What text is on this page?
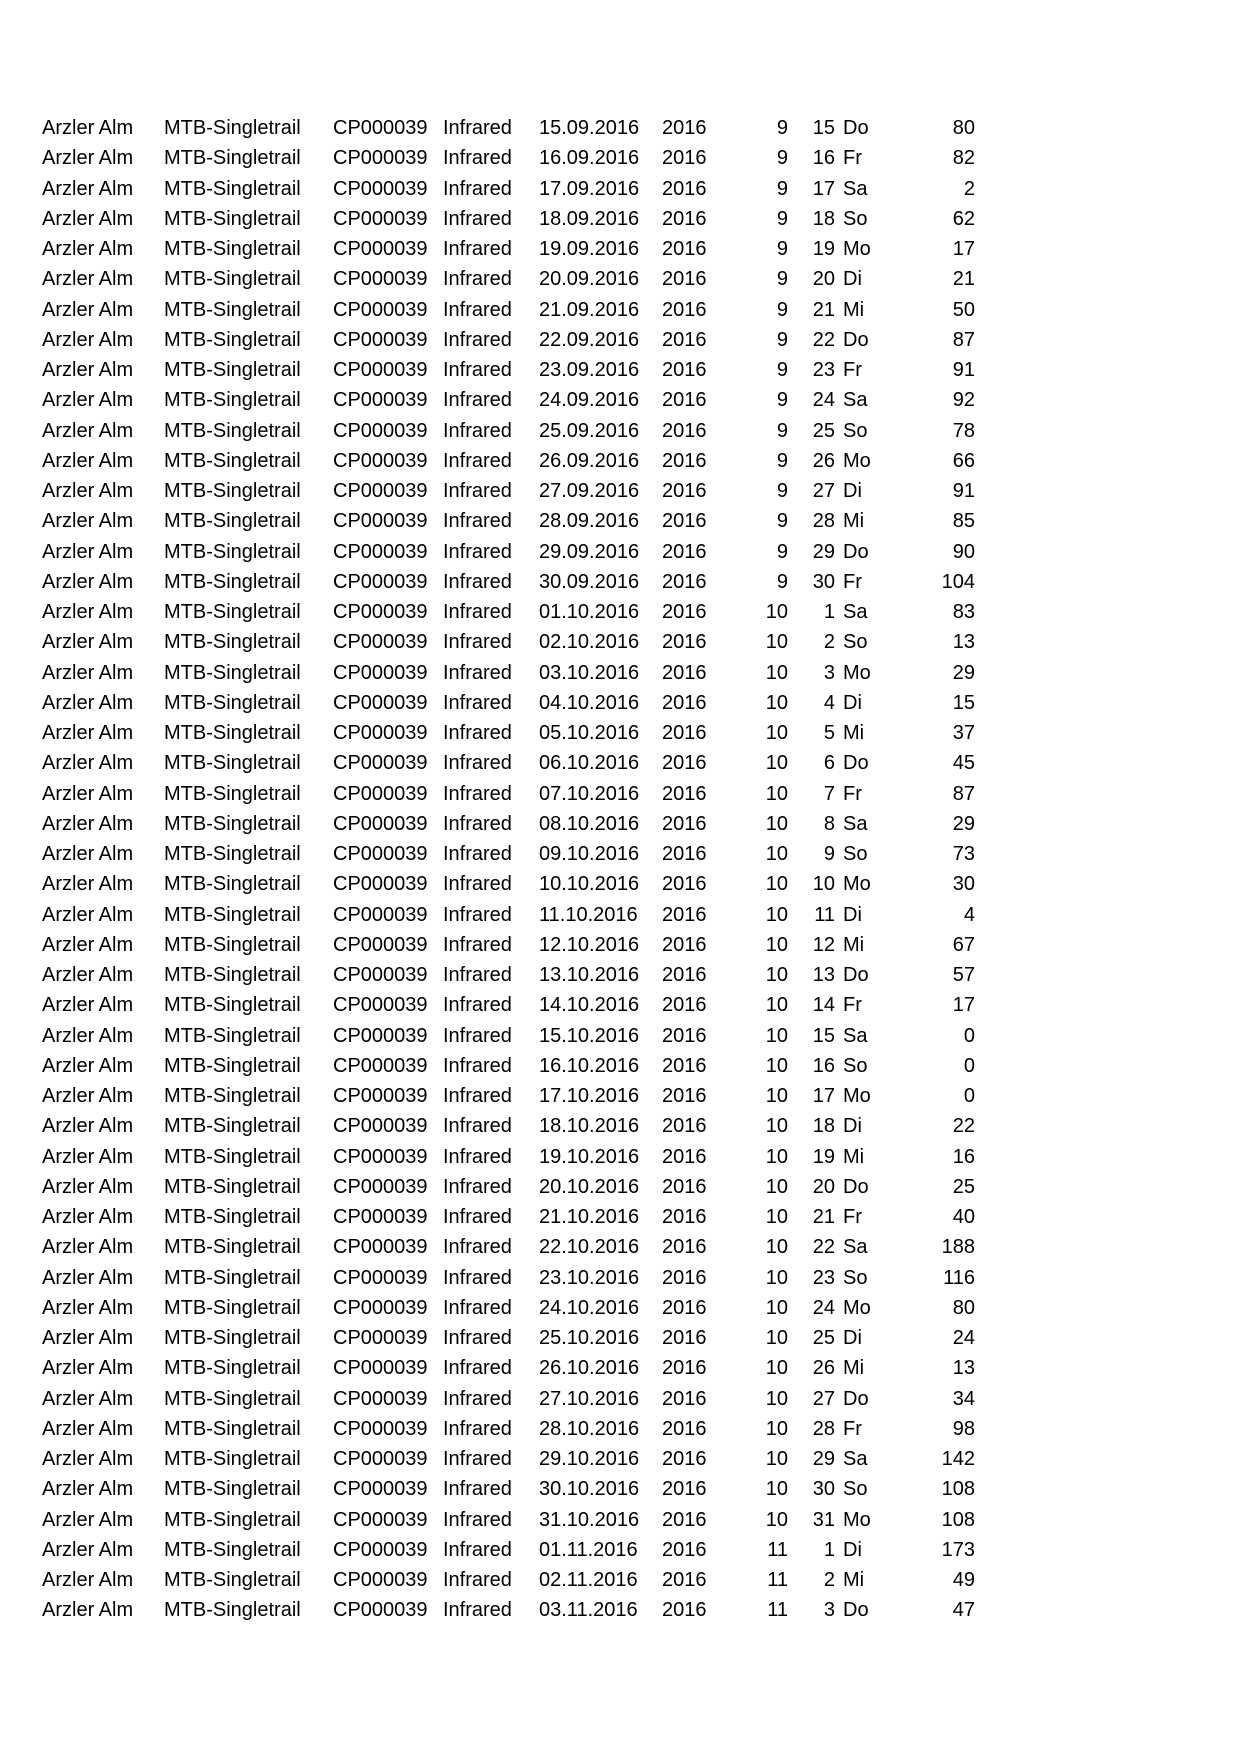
Arzler Alm MTB-Singletrail CP000039 Infrared 15.09.2016 2016	9 15 Do	80
Arzler Alm MTB-Singletrail CP000039 Infrared 16.09.2016 2016	9 16 Fr	82
Arzler Alm MTB-Singletrail CP000039 Infrared 17.09.2016 2016	9 17 Sa	2
Arzler Alm MTB-Singletrail CP000039 Infrared 18.09.2016 2016	9 18 So	62
Arzler Alm MTB-Singletrail CP000039 Infrared 19.09.2016 2016	9 19 Mo	17
Arzler Alm MTB-Singletrail CP000039 Infrared 20.09.2016 2016	9 20 Di	21
Arzler Alm MTB-Singletrail CP000039 Infrared 21.09.2016 2016	9 21 Mi	50
Arzler Alm MTB-Singletrail CP000039 Infrared 22.09.2016 2016	9 22 Do	87
Arzler Alm MTB-Singletrail CP000039 Infrared 23.09.2016 2016	9 23 Fr	91
Arzler Alm MTB-Singletrail CP000039 Infrared 24.09.2016 2016	9 24 Sa	92
Arzler Alm MTB-Singletrail CP000039 Infrared 25.09.2016 2016	9 25 So	78
Arzler Alm MTB-Singletrail CP000039 Infrared 26.09.2016 2016	9 26 Mo	66
Arzler Alm MTB-Singletrail CP000039 Infrared 27.09.2016 2016	9 27 Di	91
Arzler Alm MTB-Singletrail CP000039 Infrared 28.09.2016 2016	9 28 Mi	85
Arzler Alm MTB-Singletrail CP000039 Infrared 29.09.2016 2016	9 29 Do	90
Arzler Alm MTB-Singletrail CP000039 Infrared 30.09.2016 2016	9 30 Fr	104
Arzler Alm MTB-Singletrail CP000039 Infrared 01.10.2016 2016	10 1 Sa	83
Arzler Alm MTB-Singletrail CP000039 Infrared 02.10.2016 2016	10 2 So	13
Arzler Alm MTB-Singletrail CP000039 Infrared 03.10.2016 2016	10 3 Mo	29
Arzler Alm MTB-Singletrail CP000039 Infrared 04.10.2016 2016	10 4 Di	15
Arzler Alm MTB-Singletrail CP000039 Infrared 05.10.2016 2016	10 5 Mi	37
Arzler Alm MTB-Singletrail CP000039 Infrared 06.10.2016 2016	10 6 Do	45
Arzler Alm MTB-Singletrail CP000039 Infrared 07.10.2016 2016	10 7 Fr	87
Arzler Alm MTB-Singletrail CP000039 Infrared 08.10.2016 2016	10 8 Sa	29
Arzler Alm MTB-Singletrail CP000039 Infrared 09.10.2016 2016	10 9 So	73
Arzler Alm MTB-Singletrail CP000039 Infrared 10.10.2016 2016	10 10 Mo	30
Arzler Alm MTB-Singletrail CP000039 Infrared 11.10.2016 2016	10 11 Di	4
Arzler Alm MTB-Singletrail CP000039 Infrared 12.10.2016 2016	10 12 Mi	67
Arzler Alm MTB-Singletrail CP000039 Infrared 13.10.2016 2016	10 13 Do	57
Arzler Alm MTB-Singletrail CP000039 Infrared 14.10.2016 2016	10 14 Fr	17
Arzler Alm MTB-Singletrail CP000039 Infrared 15.10.2016 2016	10 15 Sa	0
Arzler Alm MTB-Singletrail CP000039 Infrared 16.10.2016 2016	10 16 So	0
Arzler Alm MTB-Singletrail CP000039 Infrared 17.10.2016 2016	10 17 Mo	0
Arzler Alm MTB-Singletrail CP000039 Infrared 18.10.2016 2016	10 18 Di	22
Arzler Alm MTB-Singletrail CP000039 Infrared 19.10.2016 2016	10 19 Mi	16
Arzler Alm MTB-Singletrail CP000039 Infrared 20.10.2016 2016	10 20 Do	25
Arzler Alm MTB-Singletrail CP000039 Infrared 21.10.2016 2016	10 21 Fr	40
Arzler Alm MTB-Singletrail CP000039 Infrared 22.10.2016 2016	10 22 Sa	188
Arzler Alm MTB-Singletrail CP000039 Infrared 23.10.2016 2016	10 23 So	116
Arzler Alm MTB-Singletrail CP000039 Infrared 24.10.2016 2016	10 24 Mo	80
Arzler Alm MTB-Singletrail CP000039 Infrared 25.10.2016 2016	10 25 Di	24
Arzler Alm MTB-Singletrail CP000039 Infrared 26.10.2016 2016	10 26 Mi	13
Arzler Alm MTB-Singletrail CP000039 Infrared 27.10.2016 2016	10 27 Do	34
Arzler Alm MTB-Singletrail CP000039 Infrared 28.10.2016 2016	10 28 Fr	98
Arzler Alm MTB-Singletrail CP000039 Infrared 29.10.2016 2016	10 29 Sa	142
Arzler Alm MTB-Singletrail CP000039 Infrared 30.10.2016 2016	10 30 So	108
Arzler Alm MTB-Singletrail CP000039 Infrared 31.10.2016 2016	10 31 Mo	108
Arzler Alm MTB-Singletrail CP000039 Infrared 01.11.2016 2016	11 1 Di	173
Arzler Alm MTB-Singletrail CP000039 Infrared 02.11.2016 2016	11 2 Mi	49
Arzler Alm MTB-Singletrail CP000039 Infrared 03.11.2016 2016	11 3 Do	47
